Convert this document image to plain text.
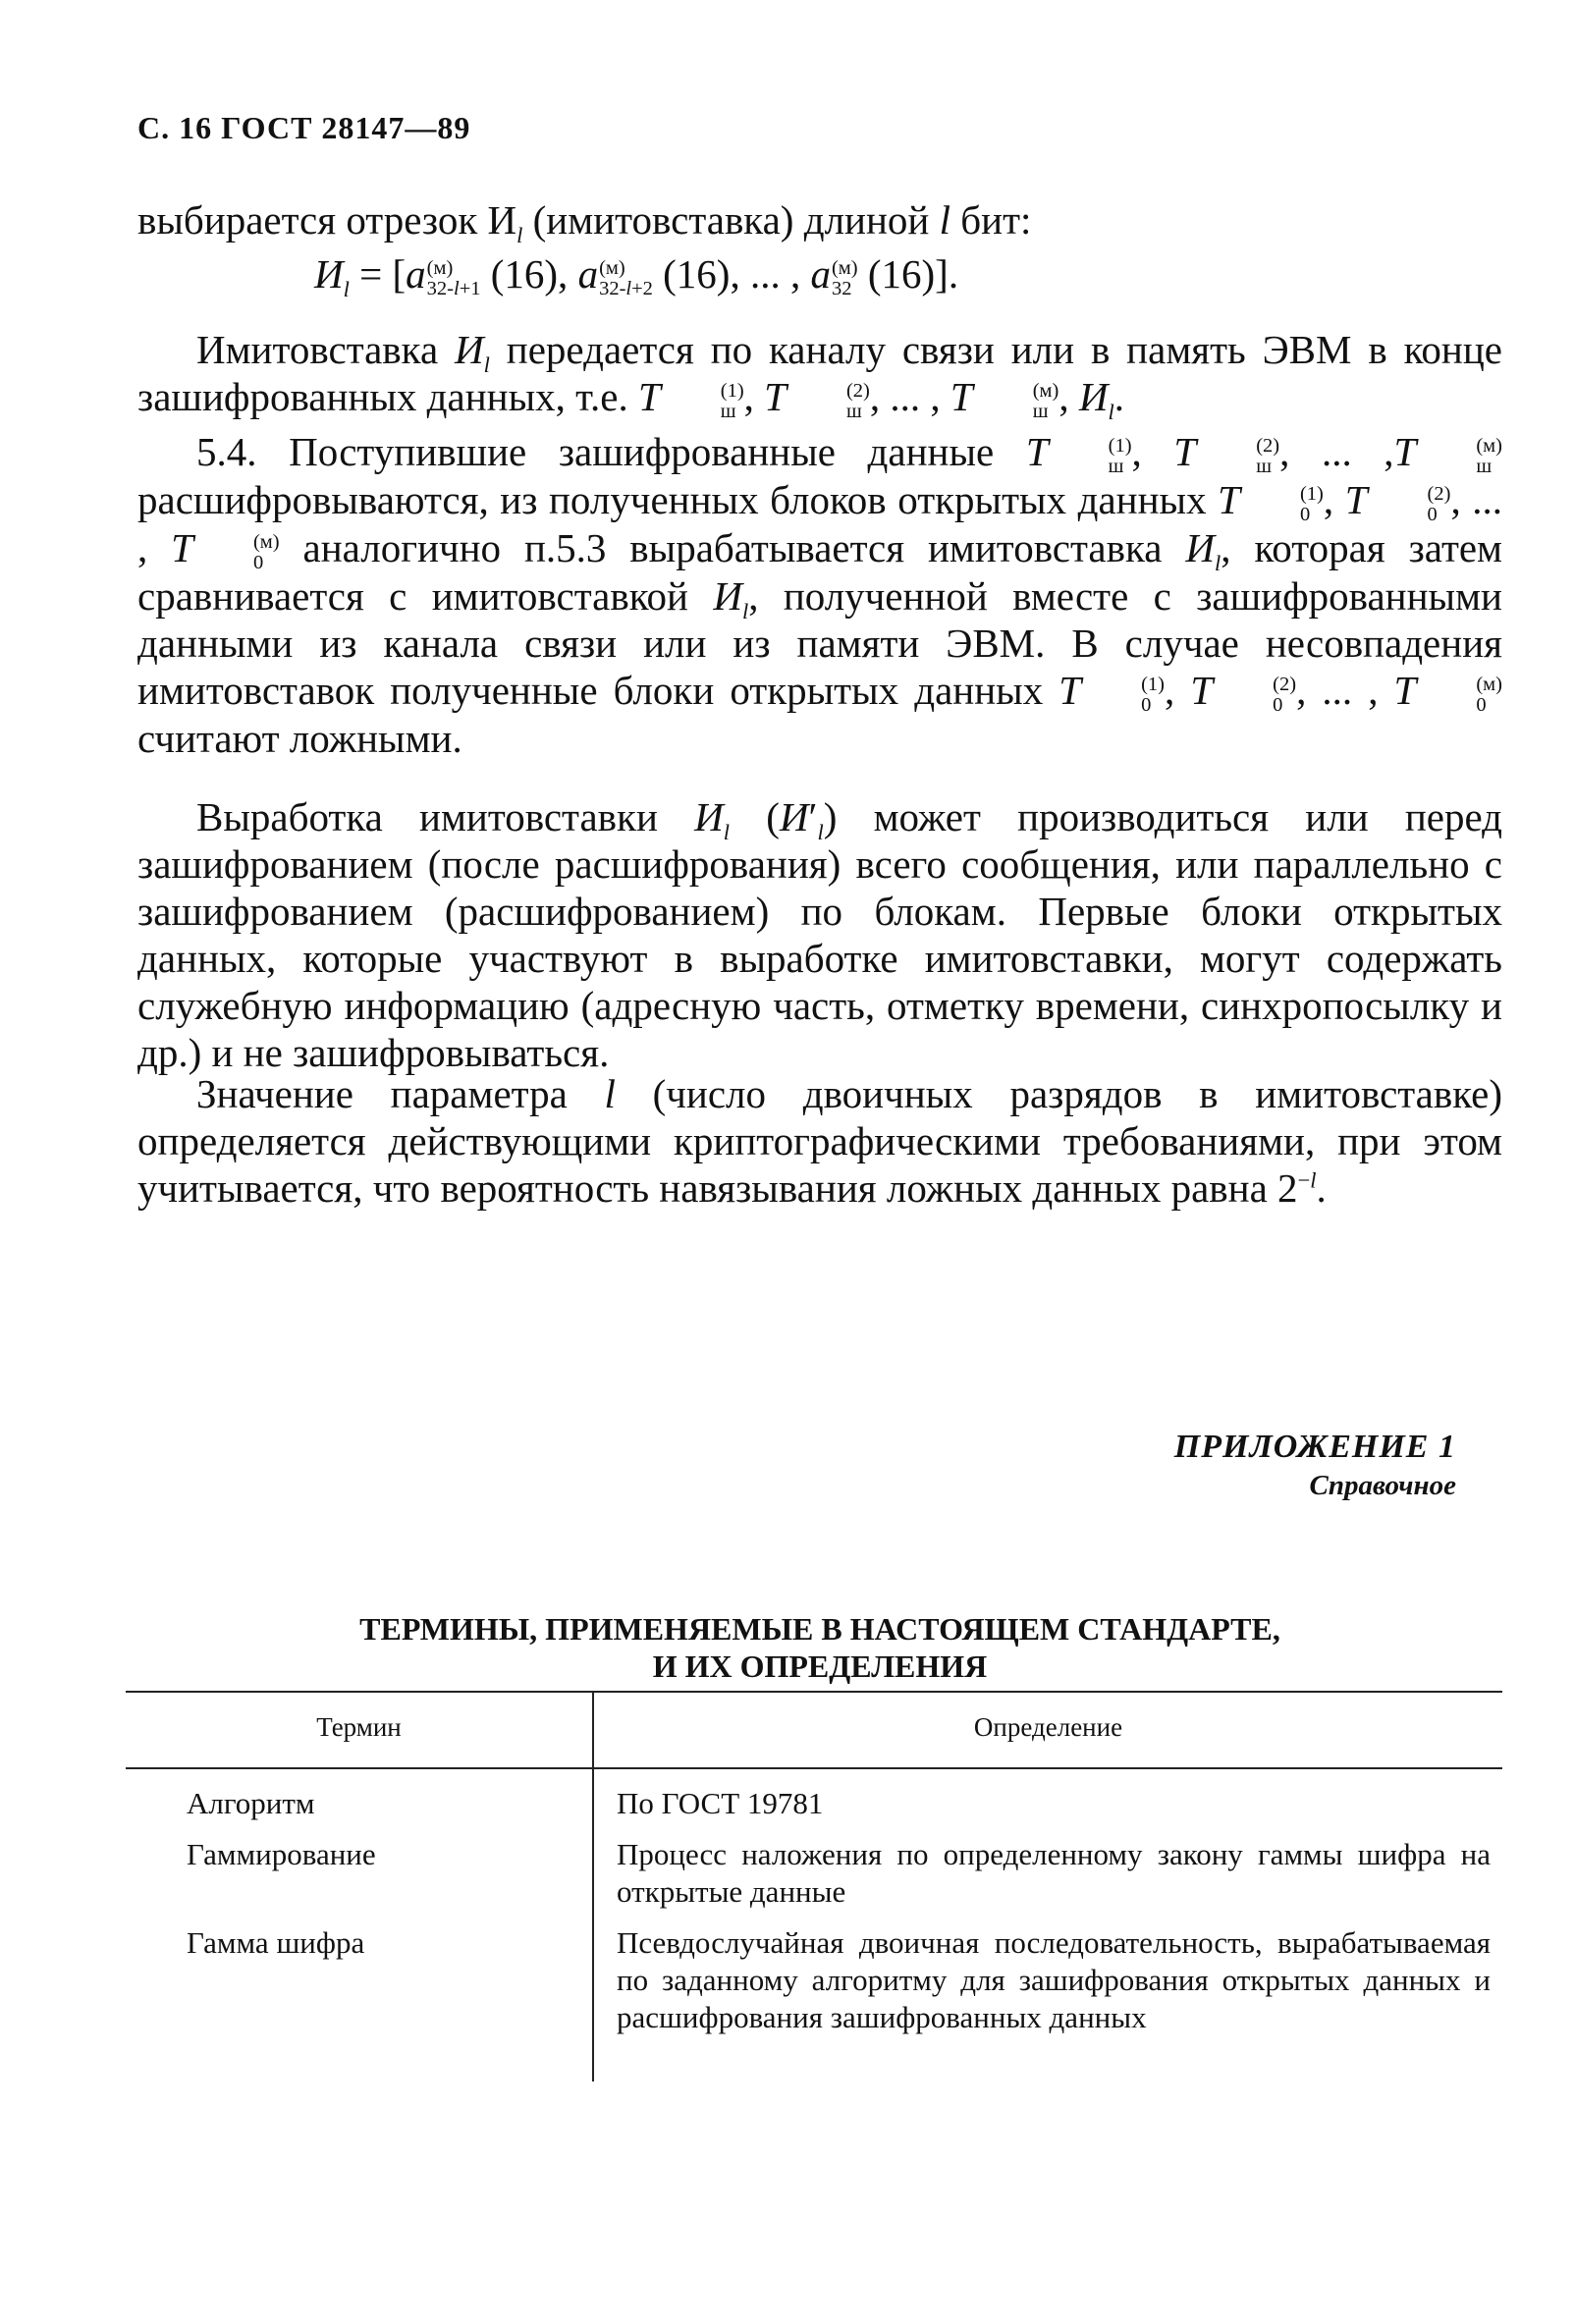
С. 16 ГОСТ 28147—89

выбирается отрезок $И_l$ (имитовставка) длиной l бит:

$И_l = [a$ (м)
32-l+1 (16), a (м)
32-l+2 (16), ... , a (м)
32 (16)].

Имитовставка $И_l$ передается по каналу связи или в память ЭВМ в конце зашифрованных данных, т.е. T	(1)
ш , T	(2)
ш , ... , T	(м)
ш , $И_l$.

5.4. Поступившие зашифрованные данные T	(1)
ш , T	(2)
ш , ... ,T	(м)
ш
расшифровываются, из полученных блоков открытых данных T	(1)
0 , T	(2)
0 , ... , T	(м)
0 аналогично п.5.3 вырабатывается имитовставка $И_l$, которая затем сравнивается с имитовставкой $И_l$, полученной вместе с зашифрованными данными из канала связи или из памяти ЭВМ. В случае несовпадения имитовставок полученные блоки открытых данных T	(1)
0 , T	(2)
0 , ... , T	(м)
0
считают ложными.

Выработка имитовставки $И_l$ $(И'_l)$ может производиться или перед зашифрованием (после расшифрования) всего сообщения, или параллельно с зашифрованием (расшифрованием) по блокам. Первые блоки открытых данных, которые участвуют в выработке имитовставки, могут содержать служебную информацию (адресную часть, отметку времени, синхропосылку и др.) и не зашифровываться.

Значение параметра l (число двоичных разрядов в имитовставке) определяется действующими криптографическими требованиями, при этом учитывается, что вероятность навязывания ложных данных равна $2^{-l}$.

ПРИЛОЖЕНИЕ 1
Справочное
ТЕРМИНЫ, ПРИМЕНЯЕМЫЕ В НАСТОЯЩЕМ СТАНДАРТЕ,
И ИХ ОПРЕДЕЛЕНИЯ
Термин	Определение
Алгоритм	По ГОСТ 19781
Гаммирование	Процесс наложения по определенному закону гаммы шифра на открытые данные
Гамма шифра	Псевдослучайная двоичная последовательность, вырабатываемая по заданному алгоритму для зашифрования открытых данных и расшифрования зашифрованных данных
